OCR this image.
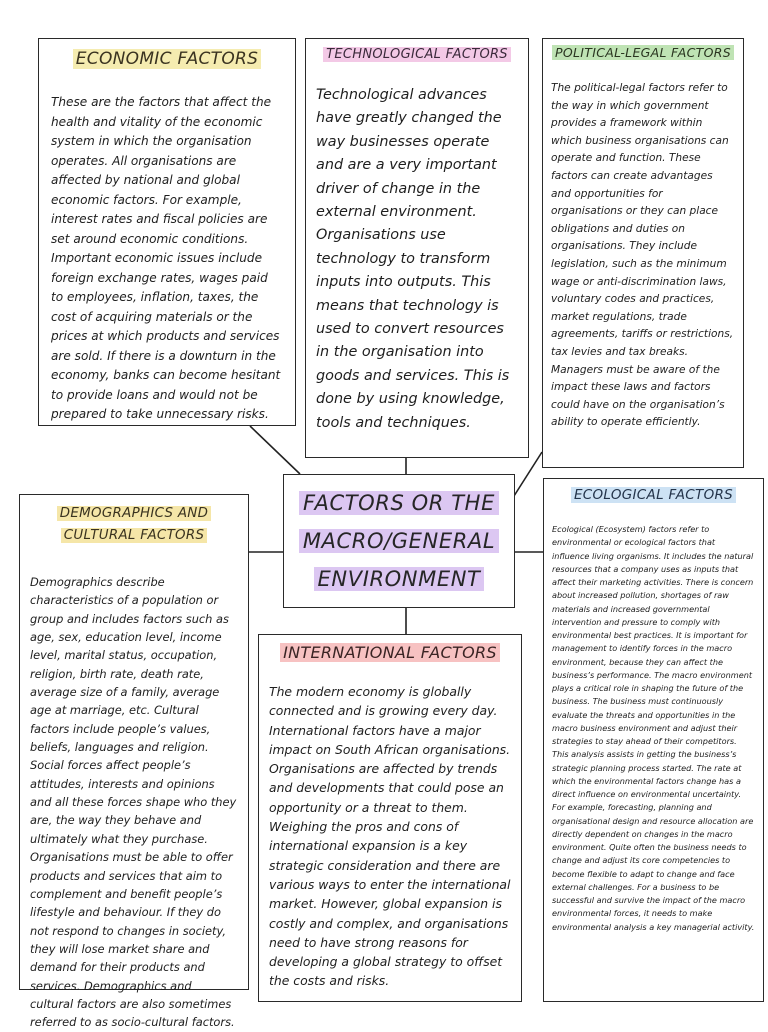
ECONOMIC FACTORS

These are the factors that affect the health and vitality of the economic system in which the organisation operates. All organisations are affected by national and global economic factors. For example, interest rates and fiscal policies are set around economic conditions. Important economic issues include foreign exchange rates, wages paid to employees, inflation, taxes, the cost of acquiring materials or the prices at which products and services are sold. If there is a downturn in the economy, banks can become hesitant to provide loans and would not be prepared to take unnecessary risks.

TECHNOLOGICAL FACTORS

Technological advances have greatly changed the way businesses operate and are a very important driver of change in the external environment. Organisations use technology to transform inputs into outputs. This means that technology is used to convert resources in the organisation into goods and services. This is done by using knowledge, tools and techniques.

POLITICAL-LEGAL FACTORS

The political-legal factors refer to the way in which government provides a framework within which business organisations can operate and function. These factors can create advantages and opportunities for organisations or they can place obligations and duties on organisations. They include legislation, such as the minimum wage or anti-discrimination laws, voluntary codes and practices, market regulations, trade agreements, tariffs or restrictions, tax levies and tax breaks. Managers must be aware of the impact these laws and factors could have on the organisation’s ability to operate efficiently.

FACTORS OR THE
MACRO/GENERAL
ENVIRONMENT

DEMOGRAPHICS AND
CULTURAL FACTORS

Demographics describe characteristics of a population or group and includes factors such as age, sex, education level, income level, marital status, occupation, religion, birth rate, death rate, average size of a family, average age at marriage, etc. Cultural factors include people’s values, beliefs, languages and religion. Social forces affect people’s attitudes, interests and opinions and all these forces shape who they are, the way they behave and ultimately what they purchase. Organisations must be able to offer products and services that aim to complement and benefit people’s lifestyle and behaviour. If they do not respond to changes in society, they will lose market share and demand for their products and services. Demographics and cultural factors are also sometimes referred to as socio-cultural factors.

INTERNATIONAL FACTORS

The modern economy is globally connected and is growing every day. International factors have a major impact on South African organisations. Organisations are affected by trends and developments that could pose an opportunity or a threat to them. Weighing the pros and cons of international expansion is a key strategic consideration and there are various ways to enter the international market. However, global expansion is costly and complex, and organisations need to have strong reasons for developing a global strategy to offset the costs and risks.

ECOLOGICAL FACTORS

Ecological (Ecosystem) factors refer to environmental or ecological factors that influence living organisms. It includes the natural resources that a company uses as inputs that affect their marketing activities. There is concern about increased pollution, shortages of raw materials and increased governmental intervention and pressure to comply with environmental best practices. It is important for management to identify forces in the macro environment, because they can affect the business’s performance. The macro environment plays a critical role in shaping the future of the business. The business must continuously evaluate the threats and opportunities in the macro business environment and adjust their strategies to stay ahead of their competitors. This analysis assists in getting the business’s strategic planning process started. The rate at which the environmental factors change has a direct influence on environmental uncertainty. For example, forecasting, planning and organisational design and resource allocation are directly dependent on changes in the macro environment. Quite often the business needs to change and adjust its core competencies to become flexible to adapt to change and face external challenges. For a business to be successful and survive the impact of the macro environmental forces, it needs to make environmental analysis a key managerial activity.
